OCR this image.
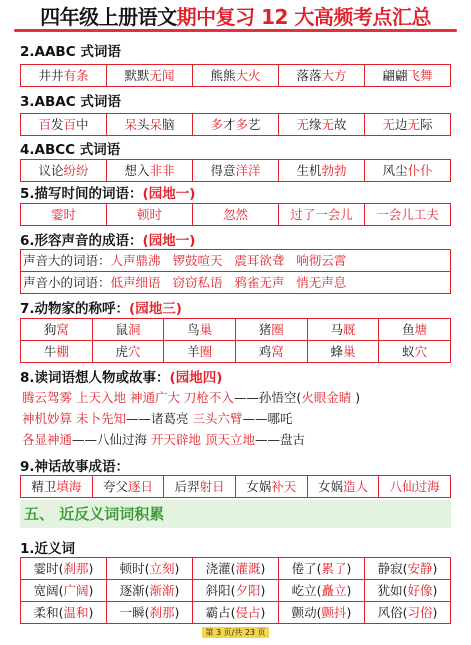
四年级上册语文期中复习 12 大高频考点汇总
2.AABC 式词语
井井有条	默默无闻	熊熊大火	落落大方	翩翩飞舞
3.ABAC 式词语
百发百中	呆头呆脑	多才多艺	无缘无故	无边无际
4.ABCC 式词语
议论纷纷	想入非非	得意洋洋	生机勃勃	风尘仆仆
5.描写时间的词语：(园地一)
霎时	顿时	忽然	过了一会儿	一会儿工夫
6.形容声音的成语：(园地一)
声音大的词语：人声鼎沸   锣鼓喧天   震耳欲聋   响彻云霄
声音小的词语：低声细语   窃窃私语   鸦雀无声   悄无声息
7.动物家的称呼：(园地三)
狗窝	鼠洞	鸟巢	猪圈	马厩	鱼塘
牛棚	虎穴	羊圈	鸡窝	蜂巢	蚁穴
8.读词语想人物或故事：(园地四)
腾云驾雾 上天入地 神通广大 刀枪不入——孙悟空(火眼金睛 )
神机妙算 未卜先知——诸葛亮 三头六臂——哪吒
各显神通——八仙过海 开天辟地 顶天立地——盘古
9.神话故事成语：
精卫填海	夸父逐日	后羿射日	女娲补天	女娲造人	八仙过海
五、 近反义词词积累
1.近义词
霎时(刹那)	顿时(立刻)	浇灌(灌溉)	倦了(累了)	静寂(安静)
宽阔(广阔)	逐渐(渐渐)	斜阳(夕阳)	屹立(矗立)	犹如(好像)
柔和(温和)	一瞬(刹那)	霸占(侵占)	颤动(颤抖)	风俗(习俗)
第 3 页/共 23 页
